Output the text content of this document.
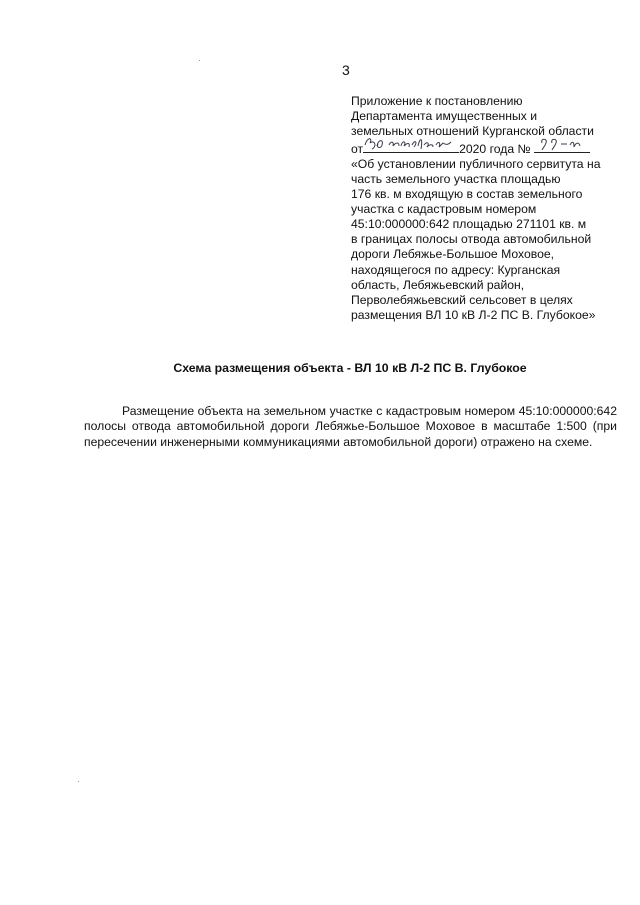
3
Приложение к постановлению
Департамента имущественных и
земельных отношений Курганской области
от	2020 года №
«Об установлении публичного сервитута на
часть земельного участка площадью
176 кв. м входящую в состав земельного
участка с кадастровым номером
45:10:000000:642 площадью 271101 кв. м
в границах полосы отвода автомобильной
дороги Лебяжье-Большое Моховое,
находящегося по адресу: Курганская
область, Лебяжьевский район,
Перволебяжьевский сельсовет в целях
размещения ВЛ 10 кВ Л-2 ПС В. Глубокое»
Схема размещения объекта - ВЛ 10 кВ Л-2 ПС В. Глубокое

Размещение объекта на земельном участке с кадастровым номером 45:10:000000:642 полосы отвода автомобильной дороги Лебяжье-Большое Моховое в масштабе 1:500 (при пересечении инженерными коммуникациями автомобильной дороги) отражено на схеме.
